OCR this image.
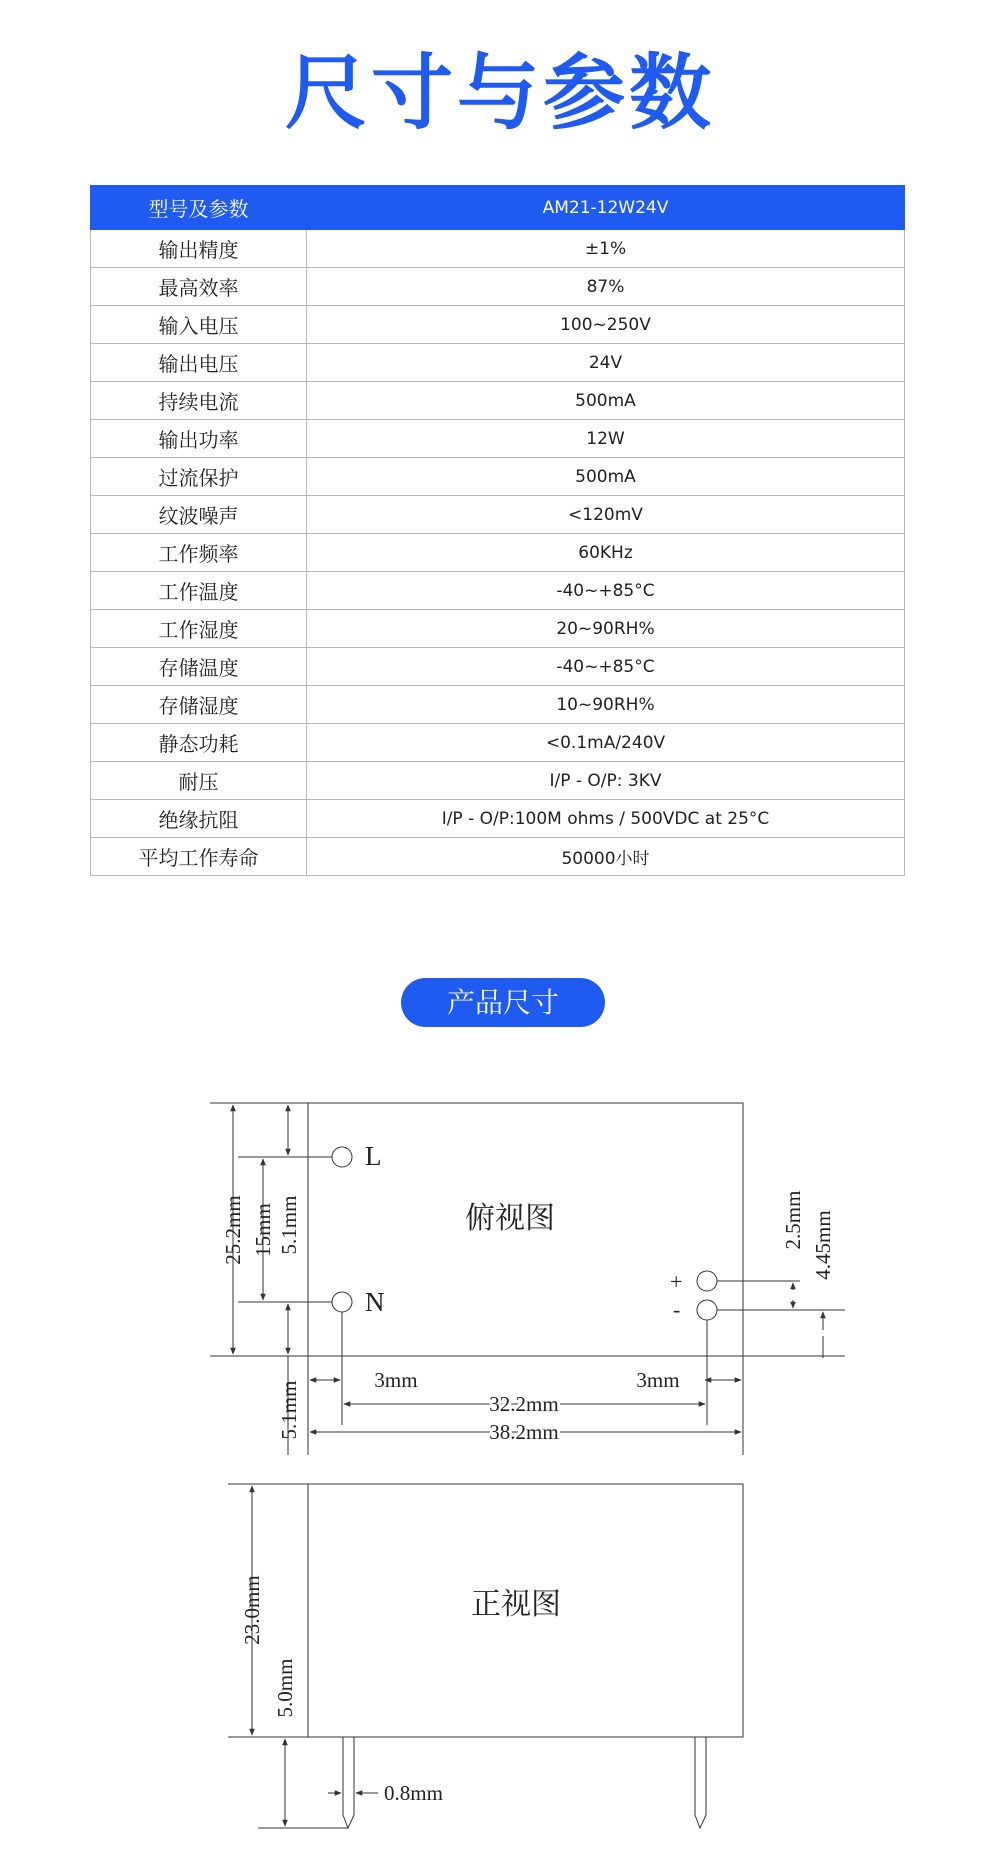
尺寸与参数
型号及参数	AM21-12W24V
输出精度	±1%
最高效率	87%
输入电压	100~250V
输出电压	24V
持续电流	500mA
输出功率	12W
过流保护	500mA
纹波噪声	<120mV
工作频率	60KHz
工作温度	-40~+85°C
工作湿度	20~90RH%
存储温度	-40~+85°C
存储湿度	10~90RH%
静态功耗	<0.1mA/240V
耐压	I/P - O/P: 3KV
绝缘抗阻	I/P - O/P:100M ohms / 500VDC at 25°C
平均工作寿命	50000小时
产品尺寸
俯视图
L
N
+
-
25.2mm 15mm 5.1mm
5.1mm
2.5mm 4.45mm
3mm	3mm
32.2mm
38.2mm
正视图
23.0mm
5.0mm
0.8mm
